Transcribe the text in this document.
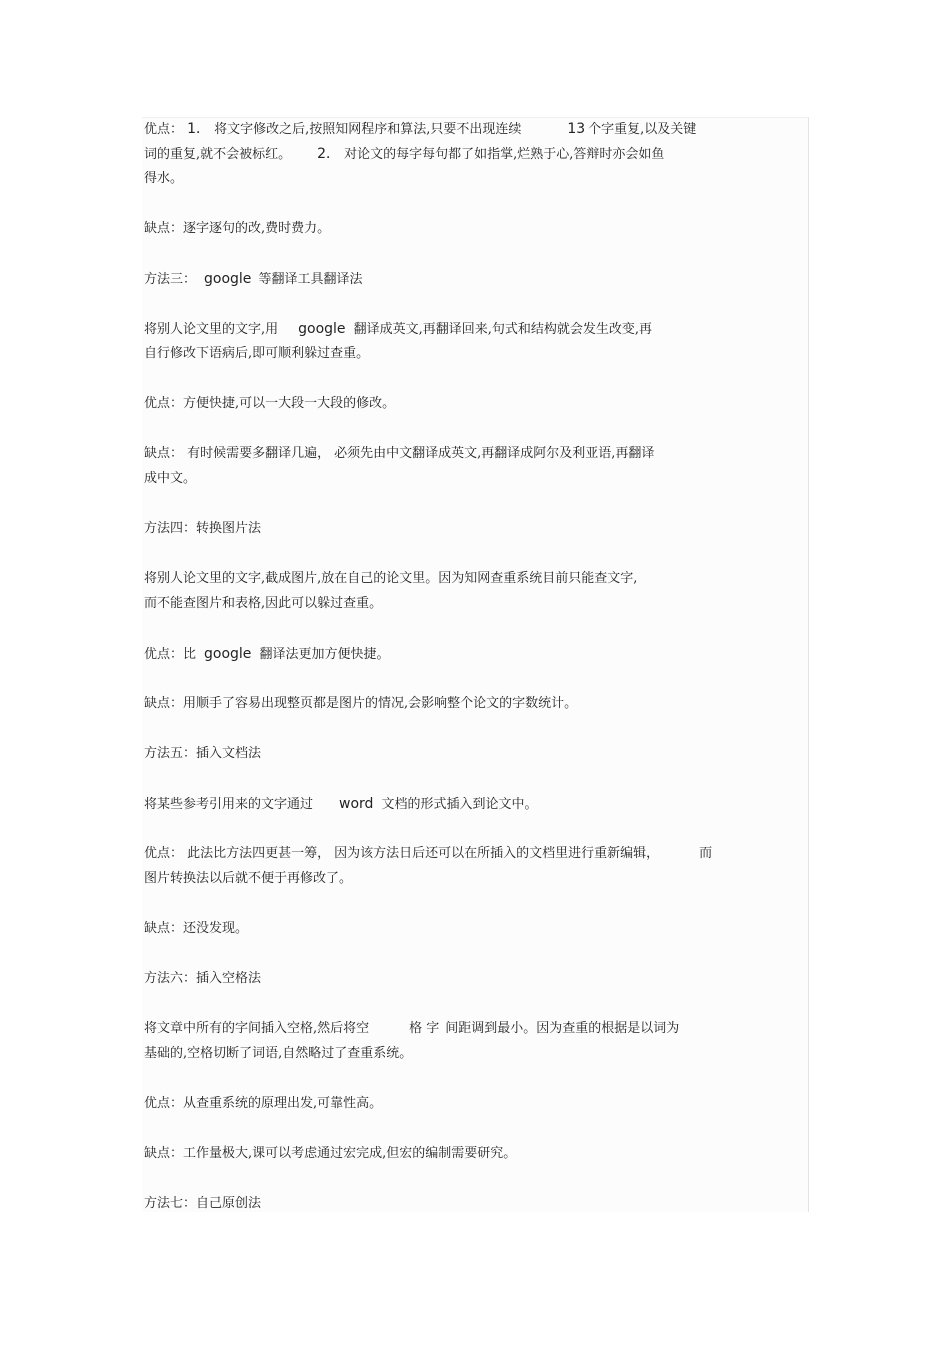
优点： 1． 将文字修改之后,按照知网程序和算法,只要不出现连续	13 个字重复,以及关键
词的重复,就不会被标红。 2． 对论文的每字每句都了如指掌,烂熟于心,答辩时亦会如鱼
得水。
缺点：逐字逐句的改,费时费力。
方法三： google 等翻译工具翻译法
将别人论文里的文字,用 google 翻译成英文,再翻译回来,句式和结构就会发生改变,再
自行修改下语病后,即可顺利躲过查重。
优点：方便快捷,可以一大段一大段的修改。
缺点： 有时候需要多翻译几遍， 必须先由中文翻译成英文,再翻译成阿尔及利亚语,再翻译
成中文。
方法四：转换图片法
将别人论文里的文字,截成图片,放在自己的论文里。因为知网查重系统目前只能查文字,
而不能查图片和表格,因此可以躲过查重。
优点：比 google 翻译法更加方便快捷。
缺点：用顺手了容易出现整页都是图片的情况,会影响整个论文的字数统计。
方法五：插入文档法
将某些参考引用来的文字通过 word 文档的形式插入到论文中。
优点： 此法比方法四更甚一筹， 因为该方法日后还可以在所插入的文档里进行重新编辑，	而
图片转换法以后就不便于再修改了。
缺点：还没发现。
方法六：插入空格法
将文章中所有的字间插入空格,然后将空	格 字 间距调到最小。因为查重的根据是以词为
基础的,空格切断了词语,自然略过了查重系统。
优点：从查重系统的原理出发,可靠性高。
缺点：工作量极大,课可以考虑通过宏完成,但宏的编制需要研究。
方法七：自己原创法
